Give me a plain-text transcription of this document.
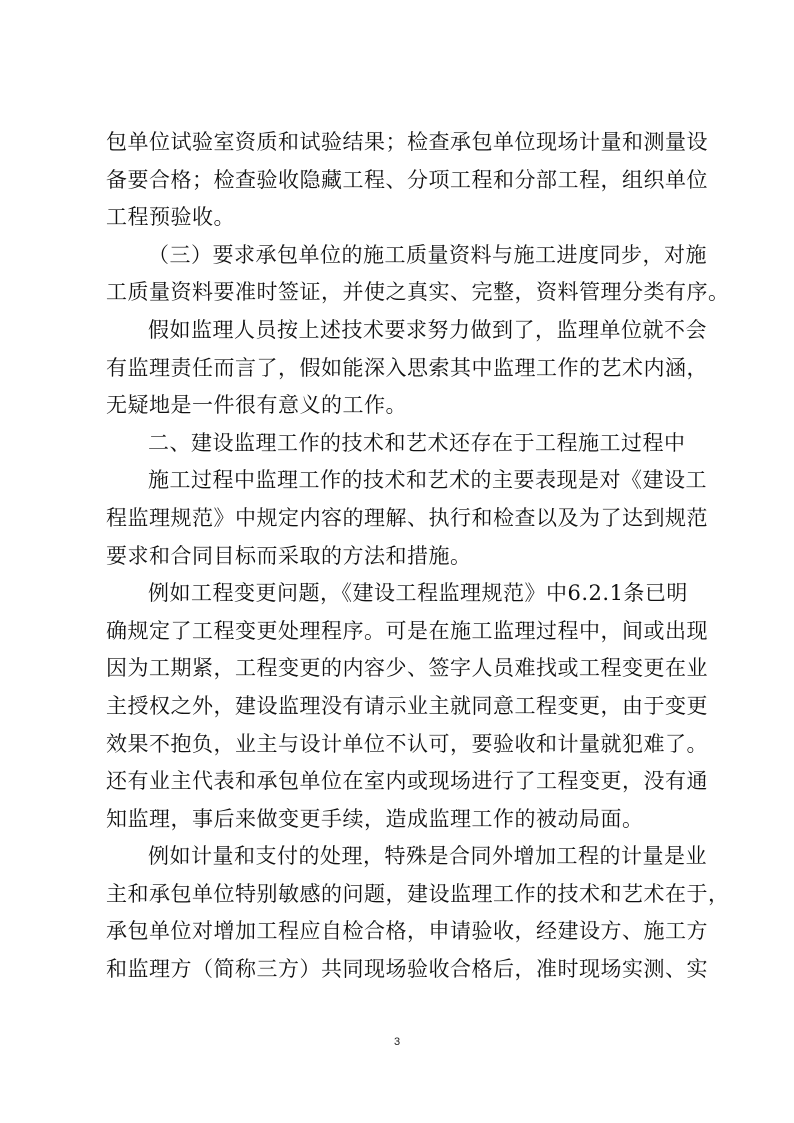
包单位试验室资质和试验结果；检查承包单位现场计量和测量设
备要合格；检查验收隐藏工程、分项工程和分部工程，组织单位
工程预验收。
（三）要求承包单位的施工质量资料与施工进度同步，对施
工质量资料要准时签证，并使之真实、完整，资料管理分类有序。
假如监理人员按上述技术要求努力做到了，监理单位就不会
有监理责任而言了，假如能深入思索其中监理工作的艺术内涵，
无疑地是一件很有意义的工作。
二、建设监理工作的技术和艺术还存在于工程施工过程中
施工过程中监理工作的技术和艺术的主要表现是对《建设工
程监理规范》中规定内容的理解、执行和检查以及为了达到规范
要求和合同目标而采取的方法和措施。
例如工程变更问题，《建设工程监理规范》中6.2.1条已明
确规定了工程变更处理程序。可是在施工监理过程中，间或出现
因为工期紧，工程变更的内容少、签字人员难找或工程变更在业
主授权之外，建设监理没有请示业主就同意工程变更，由于变更
效果不抱负，业主与设计单位不认可，要验收和计量就犯难了。
还有业主代表和承包单位在室内或现场进行了工程变更，没有通
知监理，事后来做变更手续，造成监理工作的被动局面。
例如计量和支付的处理，特殊是合同外增加工程的计量是业
主和承包单位特别敏感的问题，建设监理工作的技术和艺术在于，
承包单位对增加工程应自检合格，申请验收，经建设方、施工方
和监理方（简称三方）共同现场验收合格后，准时现场实测、实
3
